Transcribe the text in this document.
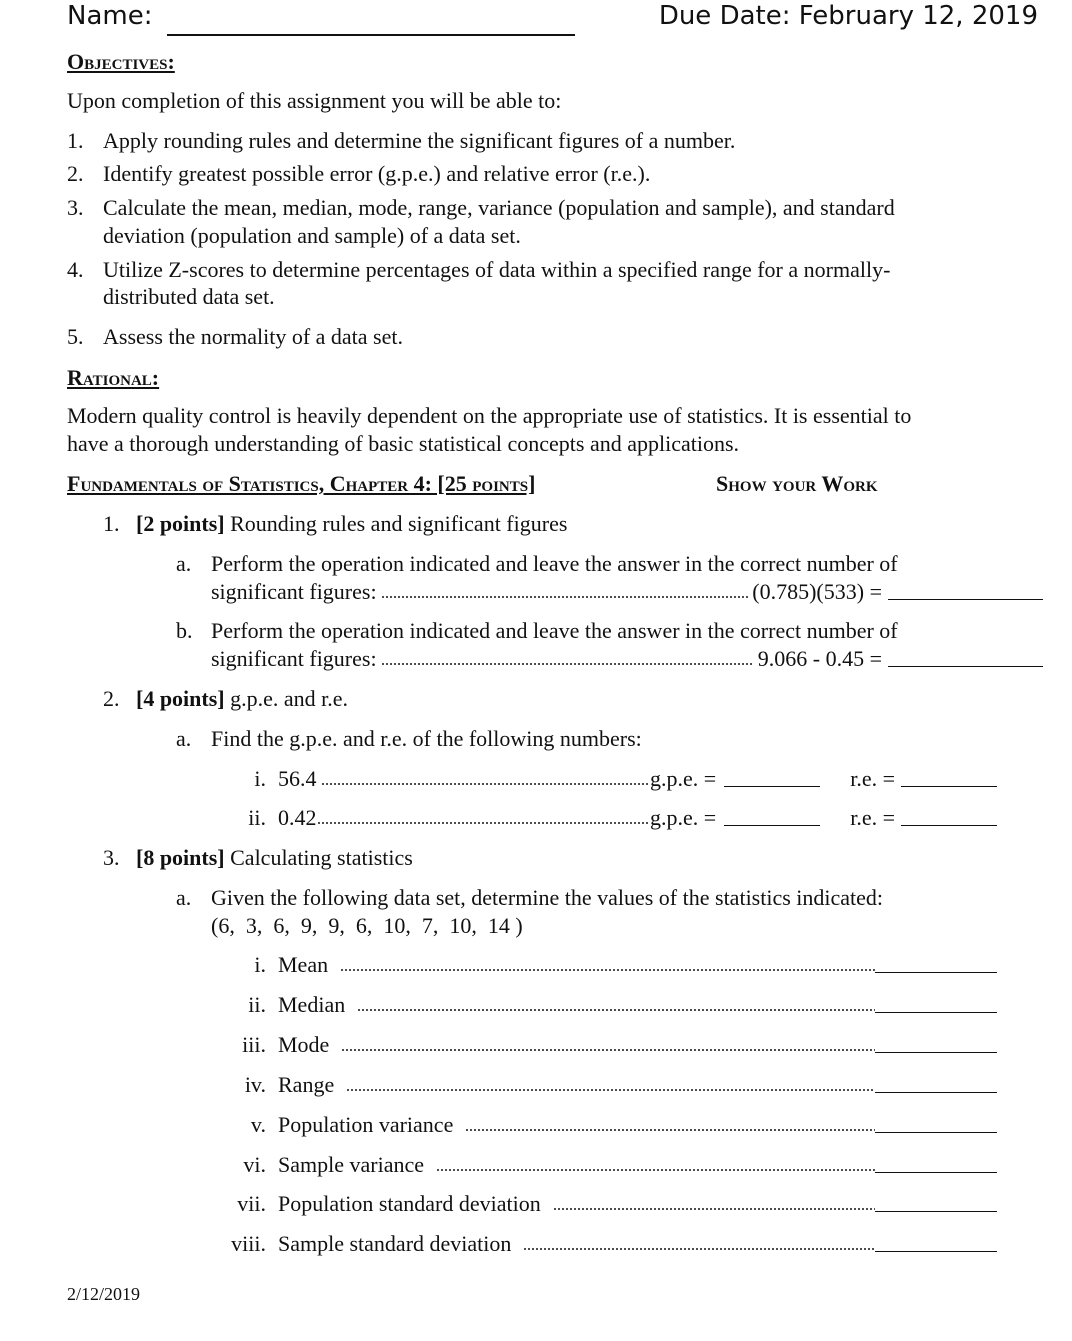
Name:	Due Date: February 12, 2019
Objectives:
Upon completion of this assignment you will be able to:
1. Apply rounding rules and determine the significant figures of a number.
2. Identify greatest possible error (g.p.e.) and relative error (r.e.).
3. Calculate the mean, median, mode, range, variance (population and sample), and standard
deviation (population and sample) of a data set.
4. Utilize Z-scores to determine percentages of data within a specified range for a normally-
distributed data set.
5. Assess the normality of a data set.
Rational:
Modern quality control is heavily dependent on the appropriate use of statistics. It is essential to
have a thorough understanding of basic statistical concepts and applications.
Fundamentals of Statistics, Chapter 4: [25 points]	Show your Work
1. [2 points] Rounding rules and significant figures
a. Perform the operation indicated and leave the answer in the correct number of
significant figures:	(0.785)(533) =
b. Perform the operation indicated and leave the answer in the correct number of
significant figures:	9.066 - 0.45 =
2. [4 points] g.p.e. and r.e.
a. Find the g.p.e. and r.e. of the following numbers:
i. 56.4	g.p.e. =	r.e. =
ii. 0.42	g.p.e. =	r.e. =
3. [8 points] Calculating statistics
a. Given the following data set, determine the values of the statistics indicated:
(6,  3,  6,  9,  9,  6,  10,  7,  10,  14 )
i. Mean
ii. Median
iii. Mode
iv. Range
v. Population variance
vi. Sample variance
vii. Population standard deviation
viii. Sample standard deviation
2/12/2019
